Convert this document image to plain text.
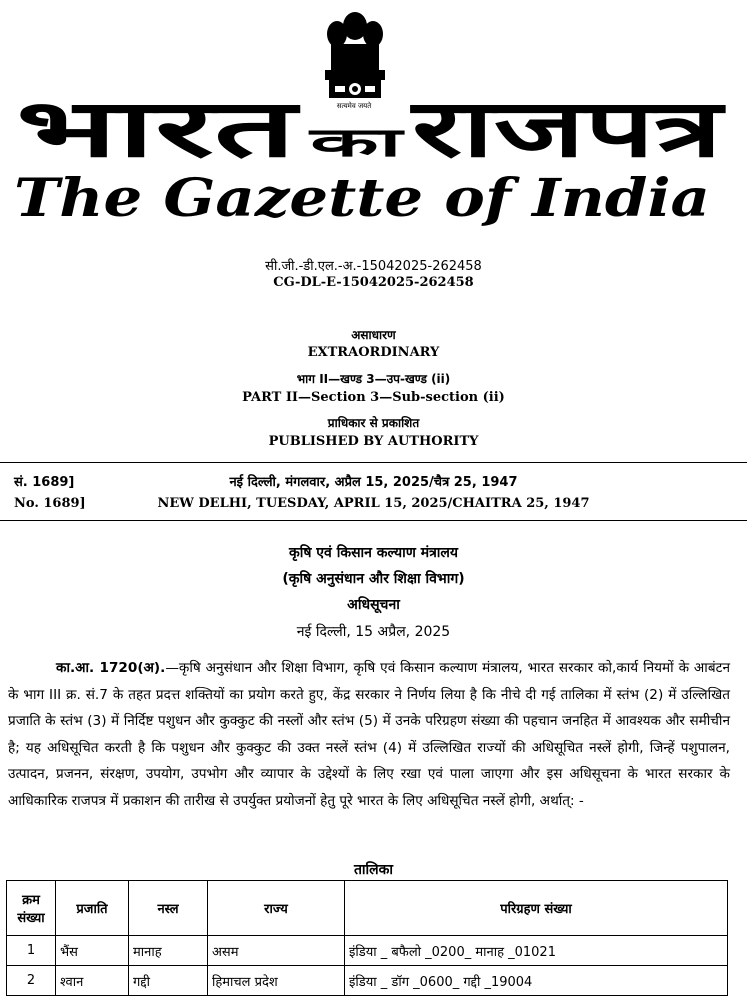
सत्यमेव जयते
भारत का राजपत्र
The Gazette of India
सी.जी.-डी.एल.-अ.-15042025-262458
CG-DL-E-15042025-262458
असाधारण
EXTRAORDINARY
भाग II—खण्ड 3—उप-खण्ड (ii)
PART II—Section 3—Sub-section (ii)
प्राधिकार से प्रकाशित
PUBLISHED BY AUTHORITY
सं. 1689]	नई दिल्ली, मंगलवार, अप्रैल 15, 2025/चैत्र 25, 1947
No. 1689]	NEW DELHI, TUESDAY, APRIL 15, 2025/CHAITRA 25, 1947
कृषि एवं किसान कल्याण मंत्रालय
(कृषि अनुसंधान और शिक्षा विभाग)
अधिसूचना
नई दिल्ली, 15 अप्रैल, 2025
का.आ. 1720(अ).—कृषि अनुसंधान और शिक्षा विभाग, कृषि एवं किसान कल्याण मंत्रालय, भारत सरकार को,कार्य नियमों के आबंटन के भाग III क्र. सं.7 के तहत प्रदत्त शक्तियों का प्रयोग करते हुए, केंद्र सरकार ने निर्णय लिया है कि नीचे दी गई तालिका में स्तंभ (2) में उल्लिखित प्रजाति के स्तंभ (3) में निर्दिष्ट पशुधन और कुक्कुट की नस्लों और स्तंभ (5) में उनके परिग्रहण संख्या की पहचान जनहित में आवश्यक और समीचीन है; यह अधिसूचित करती है कि पशुधन और कुक्कुट की उक्त नस्लें स्तंभ (4) में उल्लिखित राज्यों की अधिसूचित नस्लें होगी, जिन्हें पशुपालन, उत्पादन, प्रजनन, संरक्षण, उपयोग, उपभोग और व्यापार के उद्देश्यों के लिए रखा एवं पाला जाएगा और इस अधिसूचना के भारत सरकार के आधिकारिक राजपत्र में प्रकाशन की तारीख से उपर्युक्त प्रयोजनों हेतु पूरे भारत के लिए अधिसूचित नस्लें होगी, अर्थात्: -
तालिका
क्रम संख्या	प्रजाति	नस्ल	राज्य	परिग्रहण संख्या
1	भैंस	मानाह	असम	इंडिया _ बफैलो _0200_ मानाह _01021
2	श्वान	गद्दी	हिमाचल प्रदेश	इंडिया _ डॉग _0600_ गद्दी _19004
